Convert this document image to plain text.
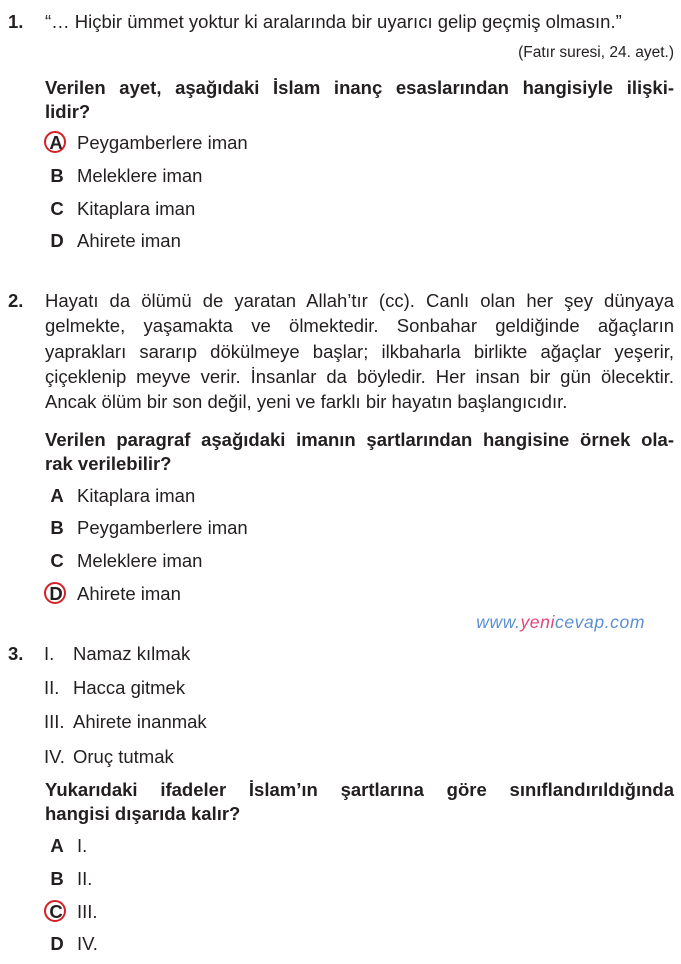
1. “… Hiçbir ümmet yoktur ki aralarında bir uyarıcı gelip geçmiş olmasın.”
(Fatır suresi, 24. ayet.)
Verilen ayet, aşağıdaki İslam inanç esaslarından hangisiyle ilişki-
lidir?
A Peygamberlere iman
B Meleklere iman
C Kitaplara iman
D Ahirete iman
2. Hayatı da ölümü de yaratan Allah’tır (cc). Canlı olan her şey dünyaya
gelmekte, yaşamakta ve ölmektedir. Sonbahar geldiğinde ağaçların
yaprakları sararıp dökülmeye başlar; ilkbaharla birlikte ağaçlar yeşerir,
çiçeklenip meyve verir. İnsanlar da böyledir. Her insan bir gün ölecektir.
Ancak ölüm bir son değil, yeni ve farklı bir hayatın başlangıcıdır.
Verilen paragraf aşağıdaki imanın şartlarından hangisine örnek ola-
rak verilebilir?
A Kitaplara iman
B Peygamberlere iman
C Meleklere iman
D Ahirete iman
www.yenicevap.com
3. I. Namaz kılmak
II. Hacca gitmek
III. Ahirete inanmak
IV. Oruç tutmak
Yukarıdaki ifadeler İslam’ın şartlarına göre sınıflandırıldığında
hangisi dışarıda kalır?
A I.
B II.
C III.
D IV.
